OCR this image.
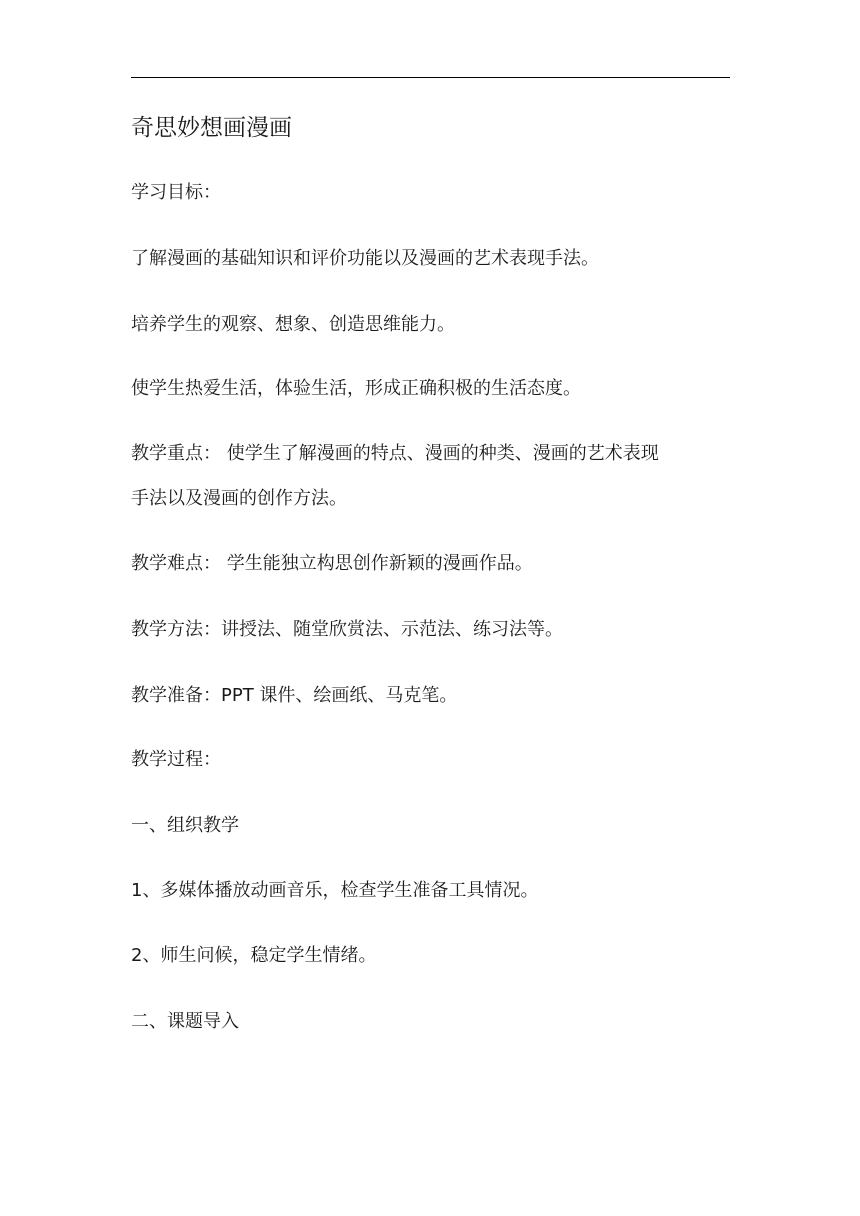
奇思妙想画漫画

学习目标：

了解漫画的基础知识和评价功能以及漫画的艺术表现手法。

培养学生的观察、想象、创造思维能力。

使学生热爱生活，体验生活，形成正确积极的生活态度。

教学重点： 使学生了解漫画的特点、漫画的种类、漫画的艺术表现

手法以及漫画的创作方法。

教学难点： 学生能独立构思创作新颖的漫画作品。

教学方法：讲授法、随堂欣赏法、示范法、练习法等。

教学准备：PPT 课件、绘画纸、马克笔。

教学过程：

一、组织教学

1、多媒体播放动画音乐，检查学生准备工具情况。

2、师生问候，稳定学生情绪。

二、课题导入
